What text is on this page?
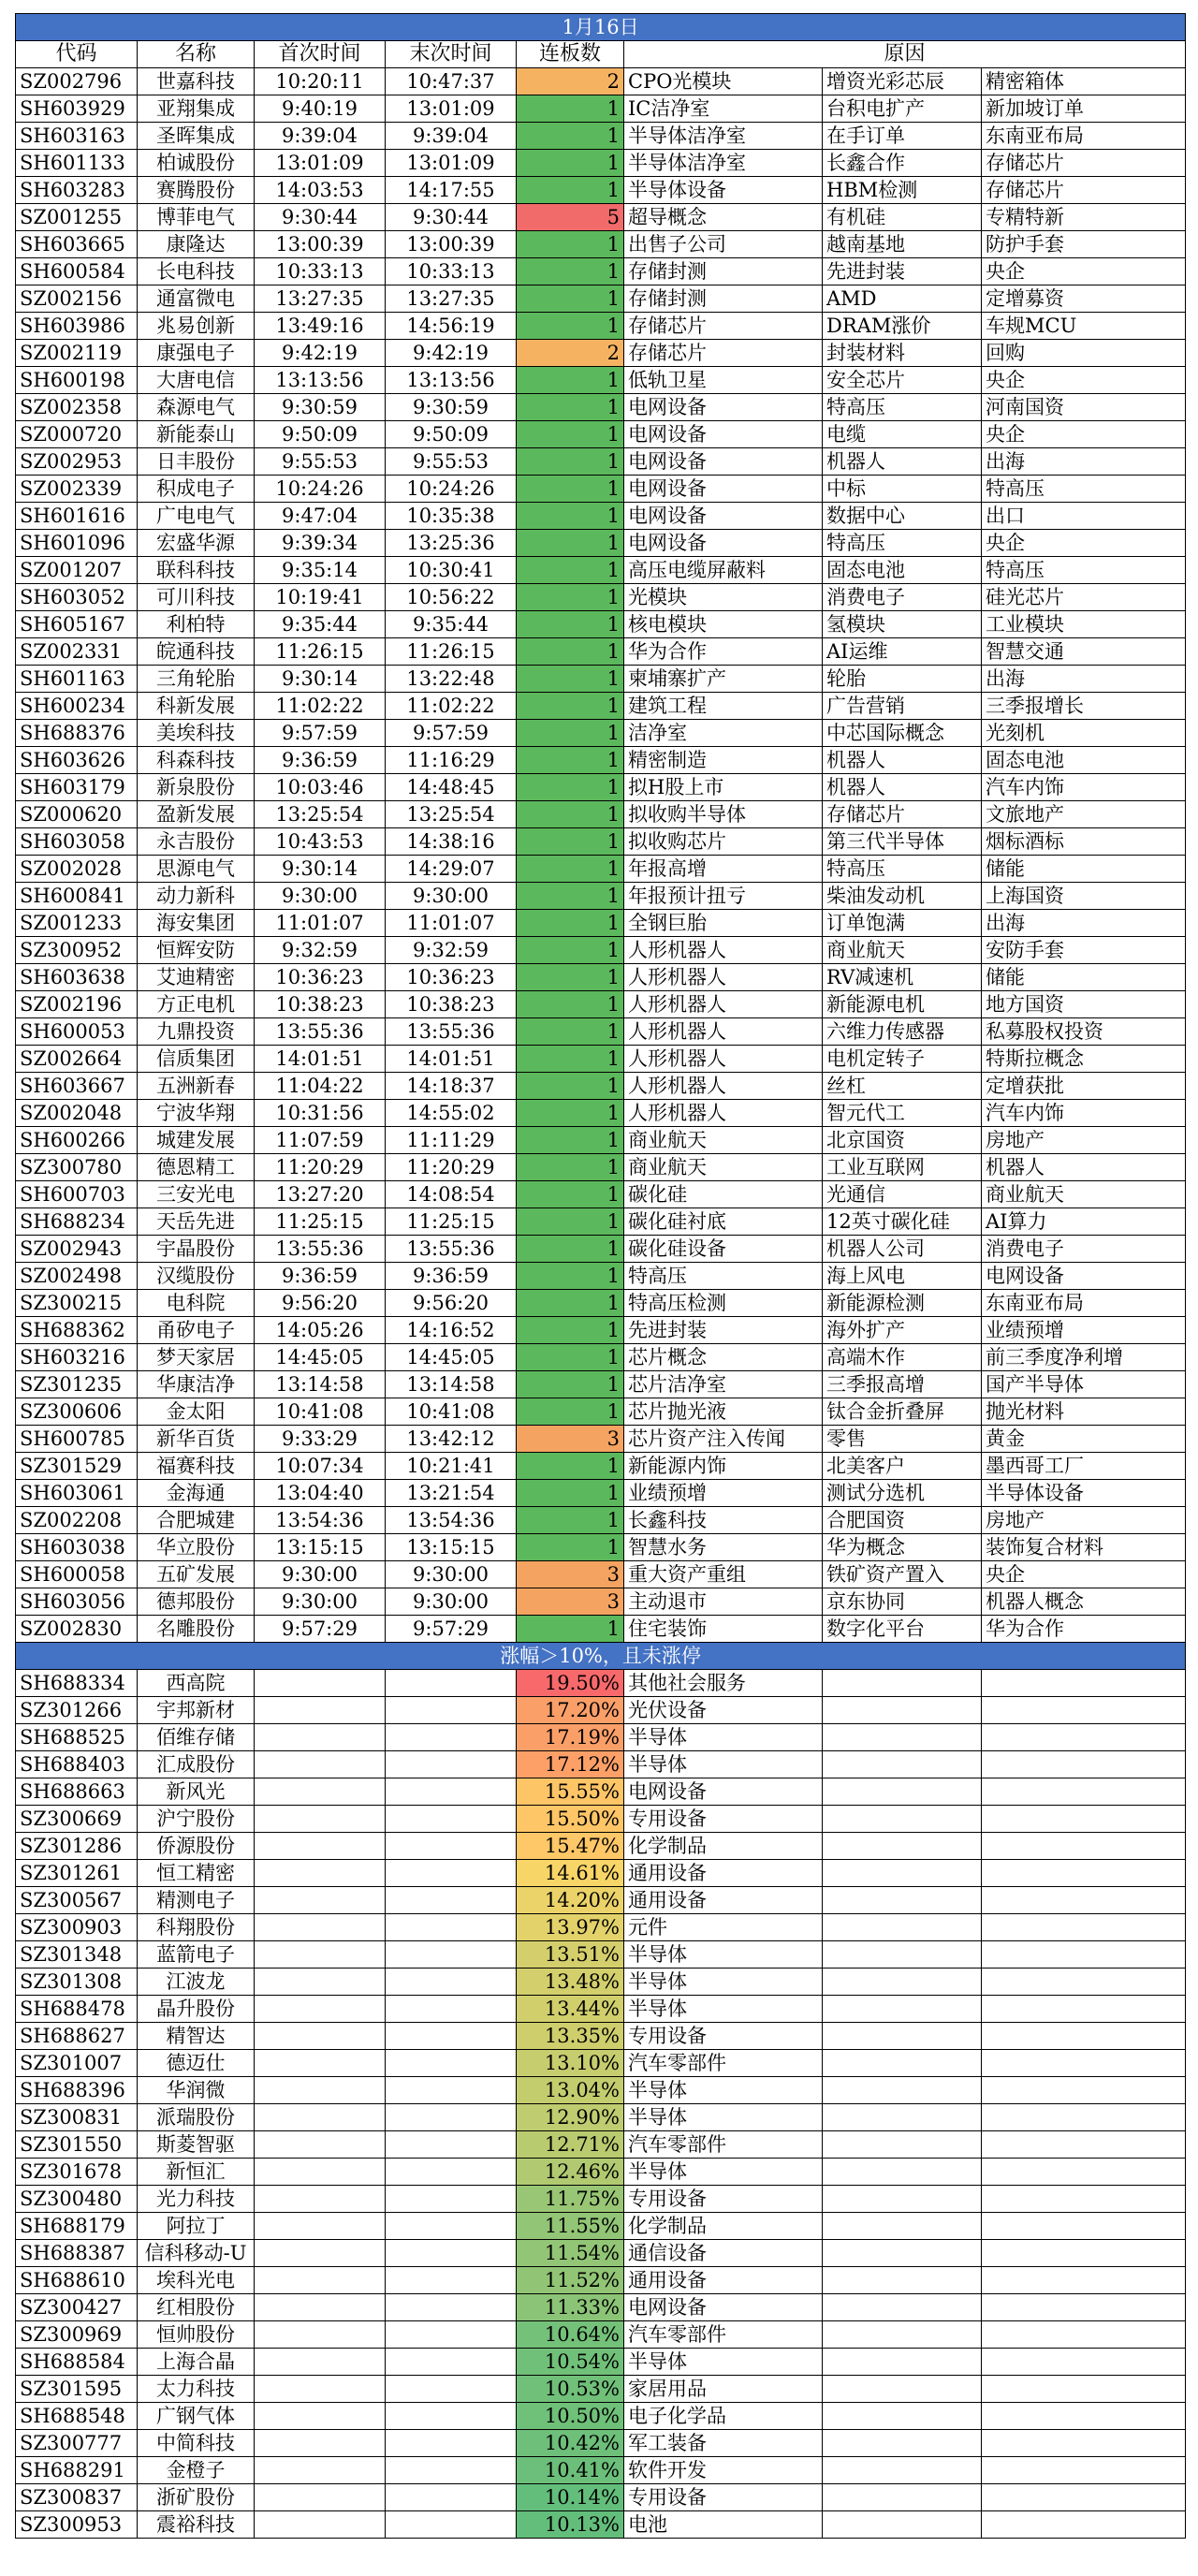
1月16日							
代码	名称	首次时间	末次时间	连板数	原因		
SZ002796	世嘉科技	10:20:11	10:47:37	2	CPO光模块	增资光彩芯辰	精密箱体
SH603929	亚翔集成	9:40:19	13:01:09	1	IC洁净室	台积电扩产	新加坡订单
SH603163	圣晖集成	9:39:04	9:39:04	1	半导体洁净室	在手订单	东南亚布局
SH601133	柏诚股份	13:01:09	13:01:09	1	半导体洁净室	长鑫合作	存储芯片
SH603283	赛腾股份	14:03:53	14:17:55	1	半导体设备	HBM检测	存储芯片
SZ001255	博菲电气	9:30:44	9:30:44	5	超导概念	有机硅	专精特新
SH603665	康隆达	13:00:39	13:00:39	1	出售子公司	越南基地	防护手套
SH600584	长电科技	10:33:13	10:33:13	1	存储封测	先进封装	央企
SZ002156	通富微电	13:27:35	13:27:35	1	存储封测	AMD	定增募资
SH603986	兆易创新	13:49:16	14:56:19	1	存储芯片	DRAM涨价	车规MCU
SZ002119	康强电子	9:42:19	9:42:19	2	存储芯片	封装材料	回购
SH600198	大唐电信	13:13:56	13:13:56	1	低轨卫星	安全芯片	央企
SZ002358	森源电气	9:30:59	9:30:59	1	电网设备	特高压	河南国资
SZ000720	新能泰山	9:50:09	9:50:09	1	电网设备	电缆	央企
SZ002953	日丰股份	9:55:53	9:55:53	1	电网设备	机器人	出海
SZ002339	积成电子	10:24:26	10:24:26	1	电网设备	中标	特高压
SH601616	广电电气	9:47:04	10:35:38	1	电网设备	数据中心	出口
SH601096	宏盛华源	9:39:34	13:25:36	1	电网设备	特高压	央企
SZ001207	联科科技	9:35:14	10:30:41	1	高压电缆屏蔽料	固态电池	特高压
SH603052	可川科技	10:19:41	10:56:22	1	光模块	消费电子	硅光芯片
SH605167	利柏特	9:35:44	9:35:44	1	核电模块	氢模块	工业模块
SZ002331	皖通科技	11:26:15	11:26:15	1	华为合作	AI运维	智慧交通
SH601163	三角轮胎	9:30:14	13:22:48	1	柬埔寨扩产	轮胎	出海
SH600234	科新发展	11:02:22	11:02:22	1	建筑工程	广告营销	三季报增长
SH688376	美埃科技	9:57:59	9:57:59	1	洁净室	中芯国际概念	光刻机
SH603626	科森科技	9:36:59	11:16:29	1	精密制造	机器人	固态电池
SH603179	新泉股份	10:03:46	14:48:45	1	拟H股上市	机器人	汽车内饰
SZ000620	盈新发展	13:25:54	13:25:54	1	拟收购半导体	存储芯片	文旅地产
SH603058	永吉股份	10:43:53	14:38:16	1	拟收购芯片	第三代半导体	烟标酒标
SZ002028	思源电气	9:30:14	14:29:07	1	年报高增	特高压	储能
SH600841	动力新科	9:30:00	9:30:00	1	年报预计扭亏	柴油发动机	上海国资
SZ001233	海安集团	11:01:07	11:01:07	1	全钢巨胎	订单饱满	出海
SZ300952	恒辉安防	9:32:59	9:32:59	1	人形机器人	商业航天	安防手套
SH603638	艾迪精密	10:36:23	10:36:23	1	人形机器人	RV减速机	储能
SZ002196	方正电机	10:38:23	10:38:23	1	人形机器人	新能源电机	地方国资
SH600053	九鼎投资	13:55:36	13:55:36	1	人形机器人	六维力传感器	私募股权投资
SZ002664	信质集团	14:01:51	14:01:51	1	人形机器人	电机定转子	特斯拉概念
SH603667	五洲新春	11:04:22	14:18:37	1	人形机器人	丝杠	定增获批
SZ002048	宁波华翔	10:31:56	14:55:02	1	人形机器人	智元代工	汽车内饰
SH600266	城建发展	11:07:59	11:11:29	1	商业航天	北京国资	房地产
SZ300780	德恩精工	11:20:29	11:20:29	1	商业航天	工业互联网	机器人
SH600703	三安光电	13:27:20	14:08:54	1	碳化硅	光通信	商业航天
SH688234	天岳先进	11:25:15	11:25:15	1	碳化硅衬底	12英寸碳化硅	AI算力
SZ002943	宇晶股份	13:55:36	13:55:36	1	碳化硅设备	机器人公司	消费电子
SZ002498	汉缆股份	9:36:59	9:36:59	1	特高压	海上风电	电网设备
SZ300215	电科院	9:56:20	9:56:20	1	特高压检测	新能源检测	东南亚布局
SH688362	甬矽电子	14:05:26	14:16:52	1	先进封装	海外扩产	业绩预增
SH603216	梦天家居	14:45:05	14:45:05	1	芯片概念	高端木作	前三季度净利增
SZ301235	华康洁净	13:14:58	13:14:58	1	芯片洁净室	三季报高增	国产半导体
SZ300606	金太阳	10:41:08	10:41:08	1	芯片抛光液	钛合金折叠屏	抛光材料
SH600785	新华百货	9:33:29	13:42:12	3	芯片资产注入传闻	零售	黄金
SZ301529	福赛科技	10:07:34	10:21:41	1	新能源内饰	北美客户	墨西哥工厂
SH603061	金海通	13:04:40	13:21:54	1	业绩预增	测试分选机	半导体设备
SZ002208	合肥城建	13:54:36	13:54:36	1	长鑫科技	合肥国资	房地产
SH603038	华立股份	13:15:15	13:15:15	1	智慧水务	华为概念	装饰复合材料
SH600058	五矿发展	9:30:00	9:30:00	3	重大资产重组	铁矿资产置入	央企
SH603056	德邦股份	9:30:00	9:30:00	3	主动退市	京东协同	机器人概念
SZ002830	名雕股份	9:57:29	9:57:29	1	住宅装饰	数字化平台	华为合作
涨幅＞10%，且未涨停							
SH688334	西高院			19.50%	其他社会服务		
SZ301266	宇邦新材			17.20%	光伏设备		
SH688525	佰维存储			17.19%	半导体		
SH688403	汇成股份			17.12%	半导体		
SH688663	新风光			15.55%	电网设备		
SZ300669	沪宁股份			15.50%	专用设备		
SZ301286	侨源股份			15.47%	化学制品		
SZ301261	恒工精密			14.61%	通用设备		
SZ300567	精测电子			14.20%	通用设备		
SZ300903	科翔股份			13.97%	元件		
SZ301348	蓝箭电子			13.51%	半导体		
SZ301308	江波龙			13.48%	半导体		
SH688478	晶升股份			13.44%	半导体		
SH688627	精智达			13.35%	专用设备		
SZ301007	德迈仕			13.10%	汽车零部件		
SH688396	华润微			13.04%	半导体		
SZ300831	派瑞股份			12.90%	半导体		
SZ301550	斯菱智驱			12.71%	汽车零部件		
SZ301678	新恒汇			12.46%	半导体		
SZ300480	光力科技			11.75%	专用设备		
SH688179	阿拉丁			11.55%	化学制品		
SH688387	信科移动-U			11.54%	通信设备		
SH688610	埃科光电			11.52%	通用设备		
SZ300427	红相股份			11.33%	电网设备		
SZ300969	恒帅股份			10.64%	汽车零部件		
SH688584	上海合晶			10.54%	半导体		
SZ301595	太力科技			10.53%	家居用品		
SH688548	广钢气体			10.50%	电子化学品		
SZ300777	中简科技			10.42%	军工装备		
SH688291	金橙子			10.41%	软件开发		
SZ300837	浙矿股份			10.14%	专用设备		
SZ300953	震裕科技			10.13%	电池		
